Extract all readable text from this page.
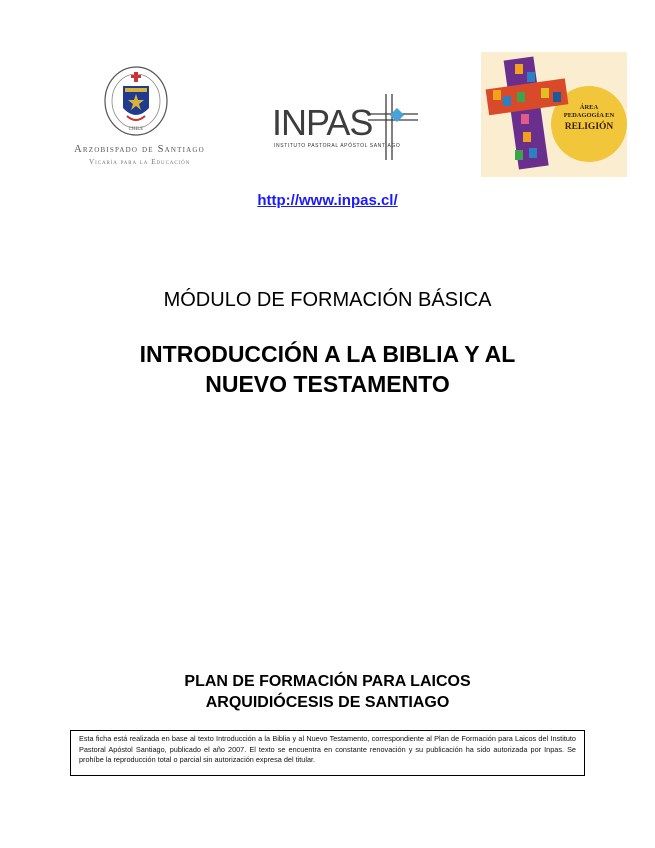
CHILE
Arzobispado de Santiago
Vicaría para la Educación
INPAS
INSTITUTO PASTORAL APÓSTOL SANTIAGO
ÁREA
PEDAGOGÍA EN
RELIGIÓN
http://www.inpas.cl/
MÓDULO DE FORMACIÓN BÁSICA
INTRODUCCIÓN A LA BIBLIA Y AL
NUEVO TESTAMENTO
PLAN DE FORMACIÓN PARA LAICOS
ARQUIDIÓCESIS DE SANTIAGO
Esta ficha está realizada en base al texto Introducción a la Biblia y al Nuevo Testamento, correspondiente al Plan de Formación para Laicos del Instituto Pastoral Apóstol Santiago, publicado el año 2007. El texto se encuentra en constante renovación y su publicación ha sido autorizada por Inpas. Se prohíbe la reproducción total o parcial sin autorización expresa del titular.
